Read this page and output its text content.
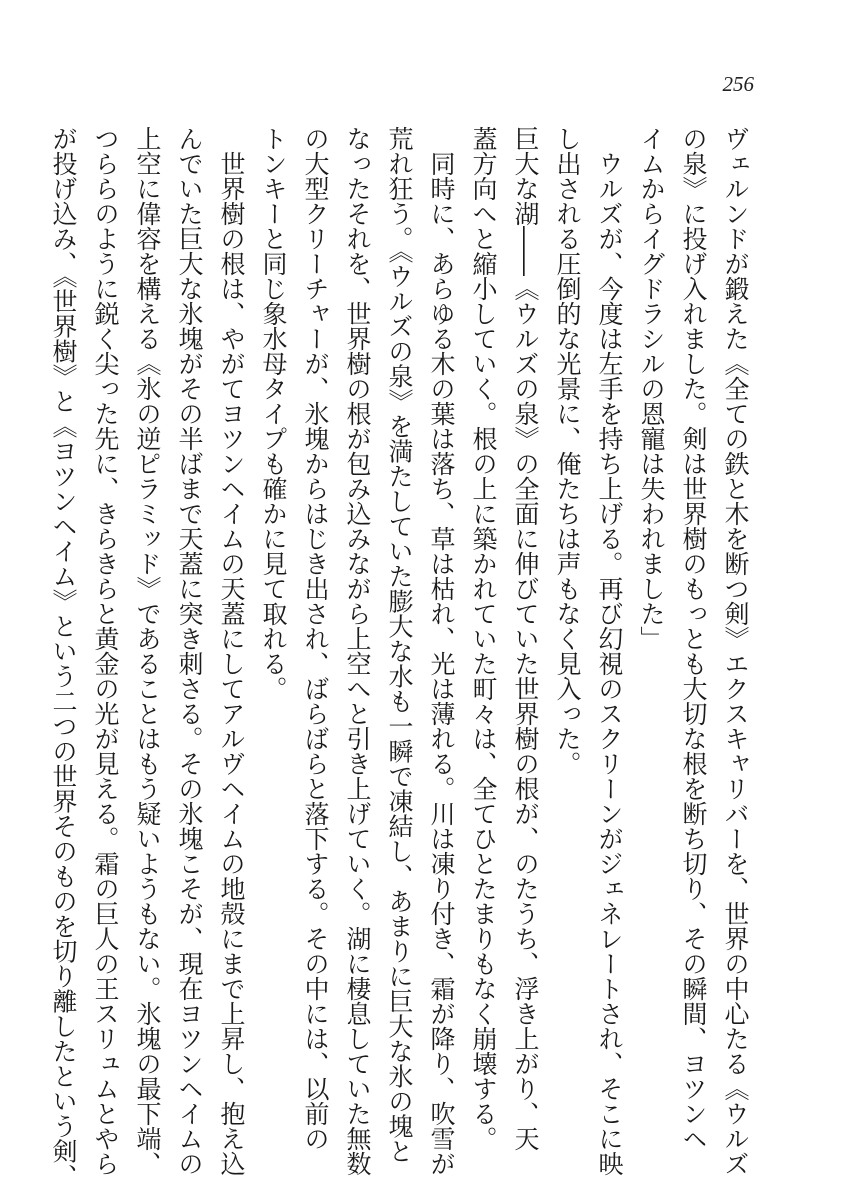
256
ヴェルンドが鍛えた《全ての鉄と木を断つ剣》エクスキャリバーを、世界の中心たる《ウルズ
の泉》に投げ入れました。剣は世界樹のもっとも大切な根を断ち切り、その瞬間、ヨツンヘ
イムからイグドラシルの恩寵は失われました」
ウルズが、今度は左手を持ち上げる。再び幻視のスクリーンがジェネレートされ、そこに映
し出される圧倒的な光景に、俺たちは声もなく見入った。
巨大な湖――《ウルズの泉》の全面に伸びていた世界樹の根が、のたうち、浮き上がり、天
蓋方向へと縮小していく。根の上に築かれていた町々は、全てひとたまりもなく崩壊する。
同時に、あらゆる木の葉は落ち、草は枯れ、光は薄れる。川は凍り付き、霜が降り、吹雪が
荒れ狂う。《ウルズの泉》を満たしていた膨大な水も一瞬で凍結し、あまりに巨大な氷の塊と
なったそれを、世界樹の根が包み込みながら上空へと引き上げていく。湖に棲息していた無数
の大型クリーチャーが、氷塊からはじき出され、ばらばらと落下する。その中には、以前の
トンキーと同じ象水母タイプも確かに見て取れる。
世界樹の根は、やがてヨツンヘイムの天蓋にしてアルヴヘイムの地殻にまで上昇し、抱え込
んでいた巨大な氷塊がその半ばまで天蓋に突き刺さる。その氷塊こそが、現在ヨツンヘイムの
上空に偉容を構える《氷の逆ピラミッド》であることはもう疑いようもない。氷塊の最下端、
つららのように鋭く尖った先に、きらきらと黄金の光が見える。霜の巨人の王スリュムとやら
が投げ込み、《世界樹》と《ヨツンヘイム》という二つの世界そのものを切り離したという剣、
